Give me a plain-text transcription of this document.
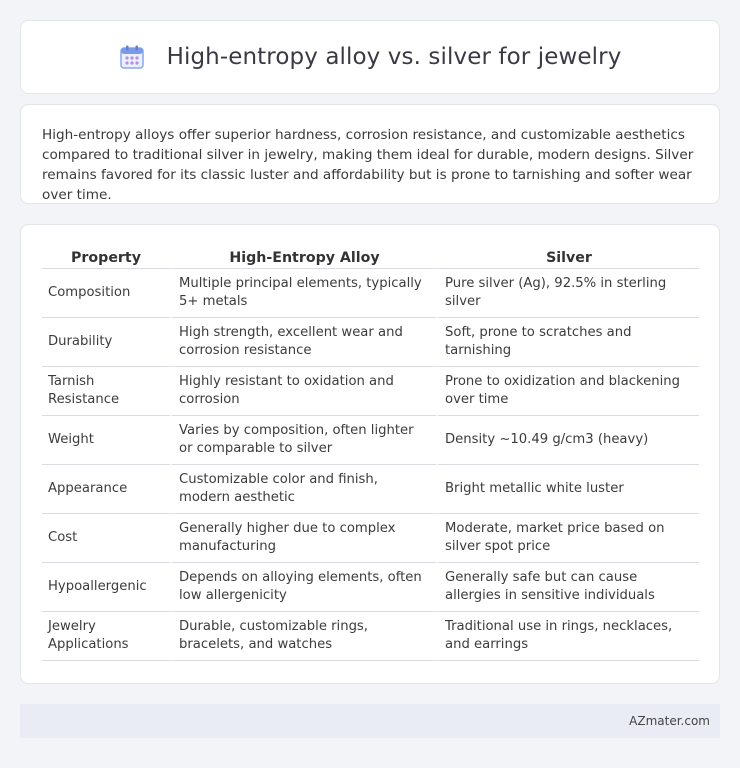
High-entropy alloy vs. silver for jewelry

High-entropy alloys offer superior hardness, corrosion resistance, and customizable aesthetics compared to traditional silver in jewelry, making them ideal for durable, modern designs. Silver remains favored for its classic luster and affordability but is prone to tarnishing and softer wear over time.

Property	High-Entropy Alloy	Silver
Composition	Multiple principal elements, typically 5+ metals	Pure silver (Ag), 92.5% in sterling silver
Durability	High strength, excellent wear and corrosion resistance	Soft, prone to scratches and tarnishing
Tarnish Resistance	Highly resistant to oxidation and corrosion	Prone to oxidization and blackening over time
Weight	Varies by composition, often lighter or comparable to silver	Density ~10.49 g/cm3 (heavy)
Appearance	Customizable color and finish, modern aesthetic	Bright metallic white luster
Cost	Generally higher due to complex manufacturing	Moderate, market price based on silver spot price
Hypoallergenic	Depends on alloying elements, often low allergenicity	Generally safe but can cause allergies in sensitive individuals
Jewelry Applications	Durable, customizable rings, bracelets, and watches	Traditional use in rings, necklaces, and earrings
AZmater.com
